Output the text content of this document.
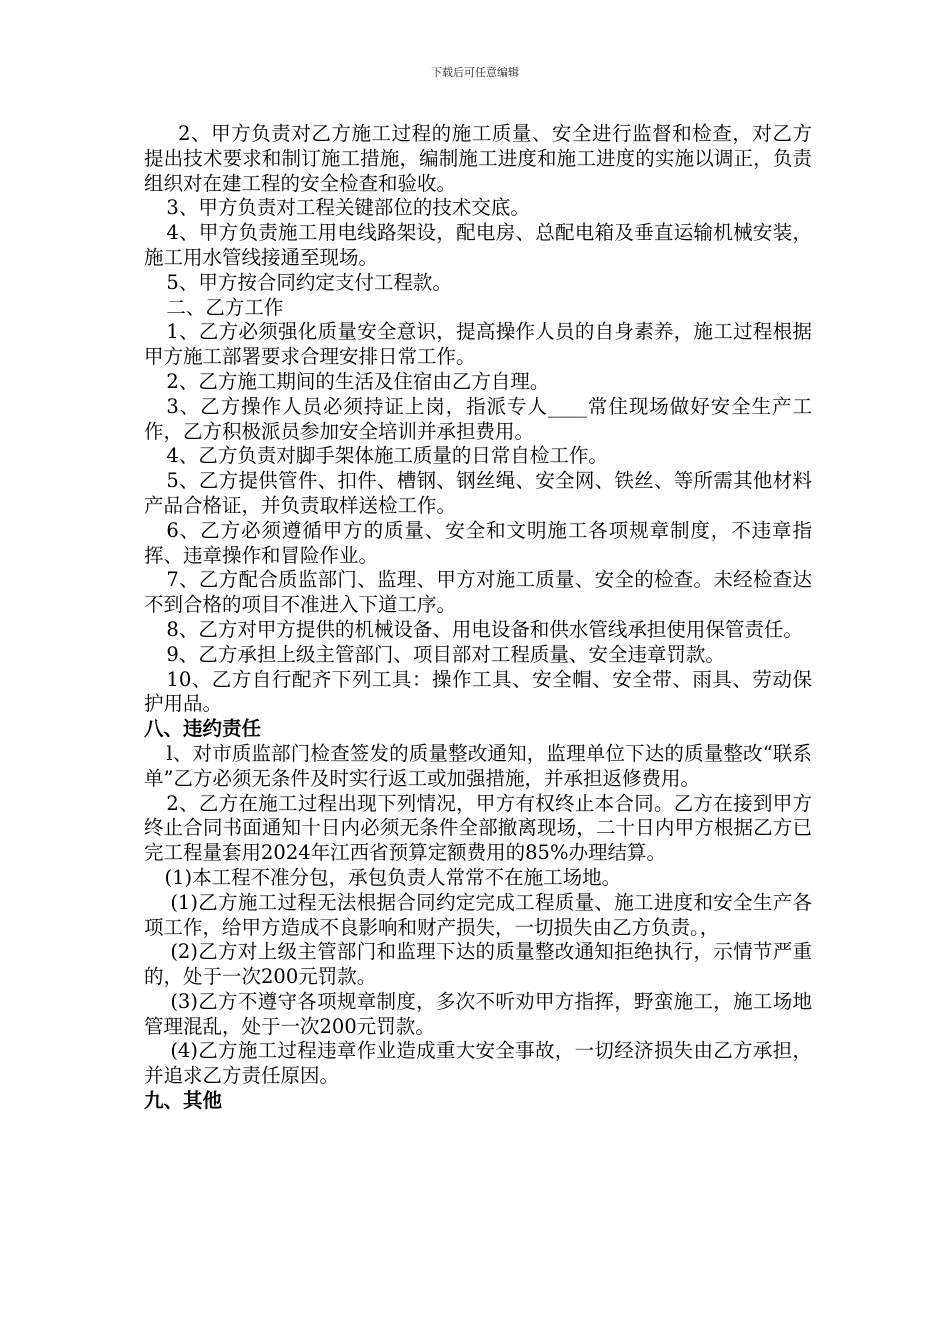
下载后可任意编辑

2、甲方负责对乙方施工过程的施工质量、安全进行监督和检查，对乙方提出技术要求和制订施工措施，编制施工进度和施工进度的实施以调正，负责组织对在建工程的安全检查和验收。

3、甲方负责对工程关键部位的技术交底。

4、甲方负责施工用电线路架设，配电房、总配电箱及垂直运输机械安装，施工用水管线接通至现场。

5、甲方按合同约定支付工程款。

二、乙方工作

1、乙方必须强化质量安全意识，提高操作人员的自身素养，施工过程根据甲方施工部署要求合理安排日常工作。

2、乙方施工期间的生活及住宿由乙方自理。

3、乙方操作人员必须持证上岗，指派专人____常住现场做好安全生产工作，乙方积极派员参加安全培训并承担费用。

4、乙方负责对脚手架体施工质量的日常自检工作。

5、乙方提供管件、扣件、槽钢、钢丝绳、安全网、铁丝、等所需其他材料产品合格证，并负责取样送检工作。

6、乙方必须遵循甲方的质量、安全和文明施工各项规章制度，不违章指挥、违章操作和冒险作业。

7、乙方配合质监部门、监理、甲方对施工质量、安全的检查。未经检查达不到合格的项目不准进入下道工序。

8、乙方对甲方提供的机械设备、用电设备和供水管线承担使用保管责任。

9、乙方承担上级主管部门、项目部对工程质量、安全违章罚款。

10、乙方自行配齐下列工具：操作工具、安全帽、安全带、雨具、劳动保护用品。

八、违约责任

l、对市质监部门检查签发的质量整改通知，监理单位下达的质量整改“联系单”乙方必须无条件及时实行返工或加强措施，并承担返修费用。

2、乙方在施工过程出现下列情况，甲方有权终止本合同。乙方在接到甲方终止合同书面通知十日内必须无条件全部撤离现场，二十日内甲方根据乙方已完工程量套用2024年江西省预算定额费用的85%办理结算。

(1)本工程不准分包，承包负责人常常不在施工场地。

(1)乙方施工过程无法根据合同约定完成工程质量、施工进度和安全生产各项工作，给甲方造成不良影响和财产损失，一切损失由乙方负责。，

(2)乙方对上级主管部门和监理下达的质量整改通知拒绝执行，示情节严重的，处于一次200元罚款。

(3)乙方不遵守各项规章制度，多次不听劝甲方指挥，野蛮施工，施工场地管理混乱，处于一次200元罚款。

(4)乙方施工过程违章作业造成重大安全事故，一切经济损失由乙方承担，并追求乙方责任原因。

九、其他
